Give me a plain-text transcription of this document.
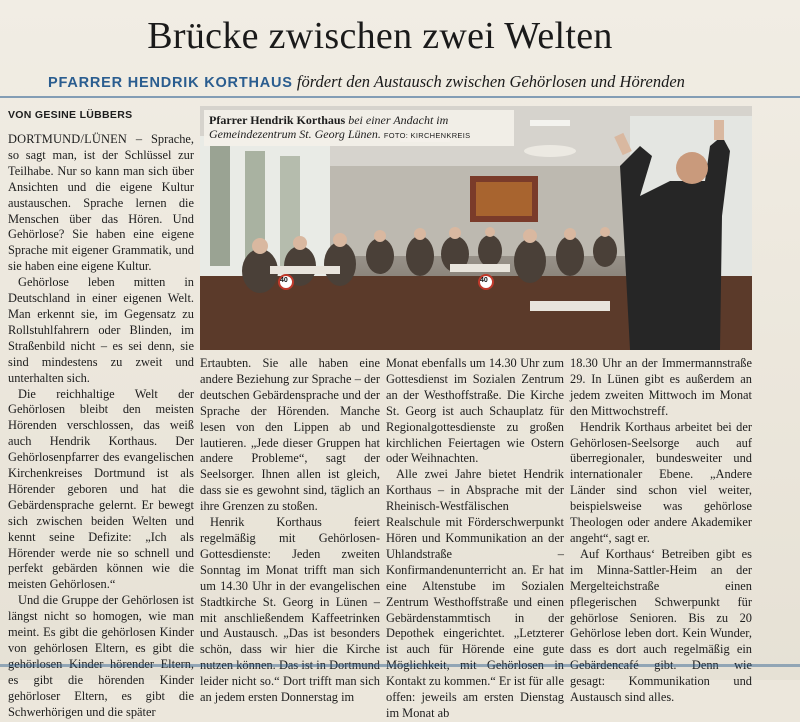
Brücke zwischen zwei Welten
PFARRER HENDRIK KORTHAUS fördert den Austausch zwischen Gehörlosen und Hörenden
VON GESINE LÜBBERS

DORTMUND/LÜNEN – Sprache, so sagt man, ist der Schlüssel zur Teilhabe. Nur so kann man sich über Ansichten und die eigene Kultur austauschen. Sprache lernen die Menschen über das Hören. Und Gehörlose? Sie haben eine eigene Sprache mit eigener Grammatik, und sie haben eine eigene Kultur.

Gehörlose leben mitten in Deutschland in einer eigenen Welt. Man erkennt sie, im Gegensatz zu Rollstuhlfahrern oder Blinden, im Straßenbild nicht – es sei denn, sie sind mindestens zu zweit und unterhalten sich.

Die reichhaltige Welt der Gehörlosen bleibt den meisten Hörenden verschlossen, das weiß auch Hendrik Korthaus. Der Gehörlosenpfarrer des evangelischen Kirchenkreises Dortmund ist als Hörender geboren und hat die Gebärdensprache gelernt. Er bewegt sich zwischen beiden Welten und kennt seine Defizite: „Ich als Hörender werde nie so schnell und perfekt gebärden können wie die meisten Gehörlosen.“

Und die Gruppe der Gehörlosen ist längst nicht so homogen, wie man meint. Es gibt die gehörlosen Kinder von gehörlosen Eltern, es gibt die gehörlosen Kinder hörender Eltern, es gibt die hörenden Kinder gehörloser Eltern, es gibt die Schwerhörigen und die später

40	40
Pfarrer Hendrik Korthaus bei einer Andacht im Gemeindezentrum St. Georg Lünen. FOTO: KIRCHENKREIS

Ertaubten. Sie alle haben eine andere Beziehung zur Sprache – der deutschen Gebärdensprache und der Sprache der Hörenden. Manche lesen von den Lippen ab und lautieren. „Jede dieser Gruppen hat andere Probleme“, sagt der Seelsorger. Ihnen allen ist gleich, dass sie es gewohnt sind, täglich an ihre Grenzen zu stoßen.

Henrik Korthaus feiert regelmäßig mit Gehörlosen-Gottesdienste: Jeden zweiten Sonntag im Monat trifft man sich um 14.30 Uhr in der evangelischen Stadtkirche St. Georg in Lünen – mit anschließendem Kaffeetrinken und Austausch. „Das ist besonders schön, dass wir hier die Kirche nutzen können. Das ist in Dortmund leider nicht so.“ Dort trifft man sich an jedem ersten Donnerstag im

Monat ebenfalls um 14.30 Uhr zum Gottesdienst im Sozialen Zentrum an der Westhoffstraße. Die Kirche St. Georg ist auch Schauplatz für Regionalgottesdienste zu großen kirchlichen Feiertagen wie Ostern oder Weihnachten.

Alle zwei Jahre bietet Hendrik Korthaus – in Absprache mit der Rheinisch-Westfälischen Realschule mit Förderschwerpunkt Hören und Kommunikation an der Uhlandstraße – Konfirmandenunterricht an. Er hat eine Altenstube im Sozialen Zentrum Westhoffstraße und einen Gebärdenstammtisch in der Depothek eingerichtet. „Letzterer ist auch für Hörende eine gute Möglichkeit, mit Gehörlosen in Kontakt zu kommen.“ Er ist für alle offen: jeweils am ersten Dienstag im Monat ab

18.30 Uhr an der Immermannstraße 29. In Lünen gibt es außerdem an jedem zweiten Mittwoch im Monat den Mittwochstreff.

Hendrik Korthaus arbeitet bei der Gehörlosen-Seelsorge auch auf überregionaler, bundesweiter und internationaler Ebene. „Andere Länder sind schon viel weiter, beispielsweise was gehörlose Theologen oder andere Akademiker angeht“, sagt er.

Auf Korthaus‘ Betreiben gibt es im Minna-Sattler-Heim an der Mergelteichstraße einen pflegerischen Schwerpunkt für gehörlose Senioren. Bis zu 20 Gehörlose leben dort. Kein Wunder, dass es dort auch regelmäßig ein Gebärdencafé gibt. Denn wie gesagt: Kommunikation und Austausch sind alles.
